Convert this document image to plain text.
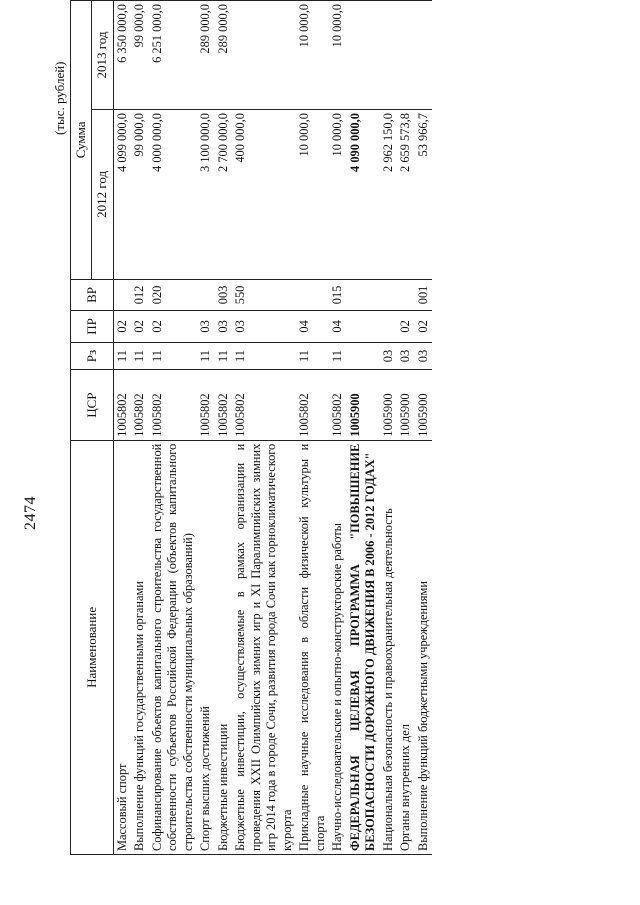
2474
(тыс. рублей)
Наименование	ЦСР	Рз	ПР	ВР	Сумма	
					2012 год	2013 год
Массовый спорт	1005802	11	02		4 099 000,0	6 350 000,0
Выполнение функций государственными органами	1005802	11	02	012	99 000,0	99 000,0
Софинансирование объектов капитального строительства государственной собственности субъектов Российской Федерации (объектов капитального строительства собственности муниципальных образований)	1005802	11	02	020	4 000 000,0	6 251 000,0
Спорт высших достижений	1005802	11	03		3 100 000,0	289 000,0
Бюджетные инвестиции	1005802	11	03	003	2 700 000,0	289 000,0
Бюджетные инвестиции, осуществляемые в рамках организации и проведения XXII Олимпийских зимних игр и XI Паралимпийских зимних игр 2014 года в городе Сочи, развития города Сочи как горноклиматического курорта	1005802	11	03	550	400 000,0	
Прикладные научные исследования в области физической культуры и спорта	1005802	11	04		10 000,0	10 000,0
Научно-исследовательские и опытно-конструкторские работы	1005802	11	04	015	10 000,0	10 000,0
ФЕДЕРАЛЬНАЯ ЦЕЛЕВАЯ ПРОГРАММА "ПОВЫШЕНИЕ БЕЗОПАСНОСТИ ДОРОЖНОГО ДВИЖЕНИЯ В 2006 - 2012 ГОДАХ"	1005900				4 090 000,0	
Национальная безопасность и правоохранительная деятельность	1005900	03			2 962 150,0	
Органы внутренних дел	1005900	03	02		2 659 573,8	
Выполнение функций бюджетными учреждениями	1005900	03	02	001	53 966,7	
